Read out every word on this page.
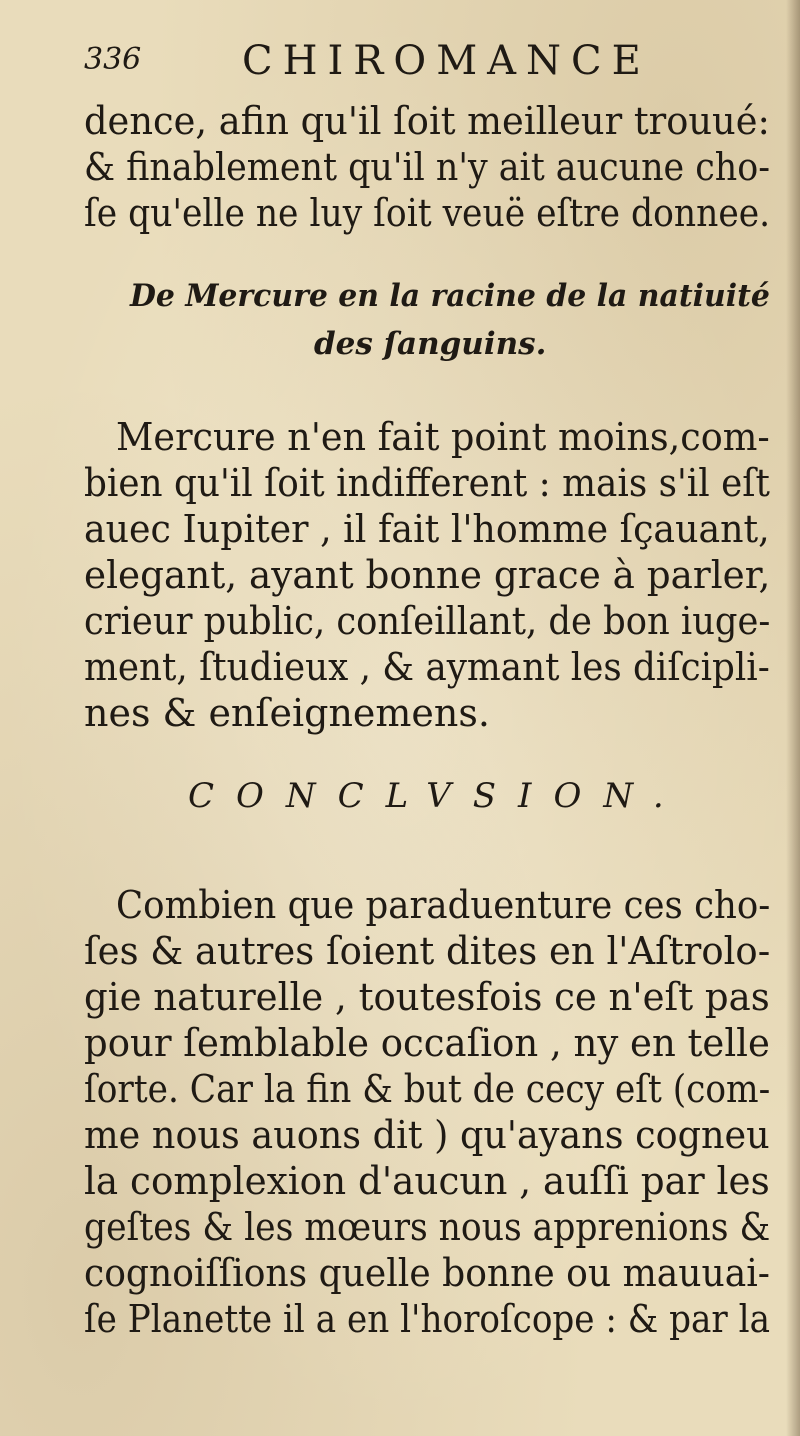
336	CHIROMANCE
dence, afin qu'il ſoit meilleur trouué:
& finablement qu'il n'y ait aucune cho-
ſe qu'elle ne luy ſoit veuë eſtre donnee.
De Mercure en la racine de la natiuité
des ſanguins.
Mercure n'en fait point moins,com-
bien qu'il ſoit indifferent : mais s'il eſt
auec Iupiter , il fait l'homme ſçauant,
elegant, ayant bonne grace à parler,
crieur public, conſeillant, de bon iuge-
ment, ſtudieux , & aymant les diſcipli-
nes & enſeignemens.
CONCLVSION.
Combien que paraduenture ces cho-
ſes & autres ſoient dites en l'Aſtrolo-
gie naturelle , toutesfois ce n'eſt pas
pour ſemblable occaſion , ny en telle
ſorte. Car la fin & but de cecy eſt (com-
me nous auons dit ) qu'ayans cogneu
la complexion d'aucun , auſſi par les
geſtes & les mœurs nous apprenions &
cognoiſſions quelle bonne ou mauuai-
ſe Planette il a en l'horoſcope : & par la
